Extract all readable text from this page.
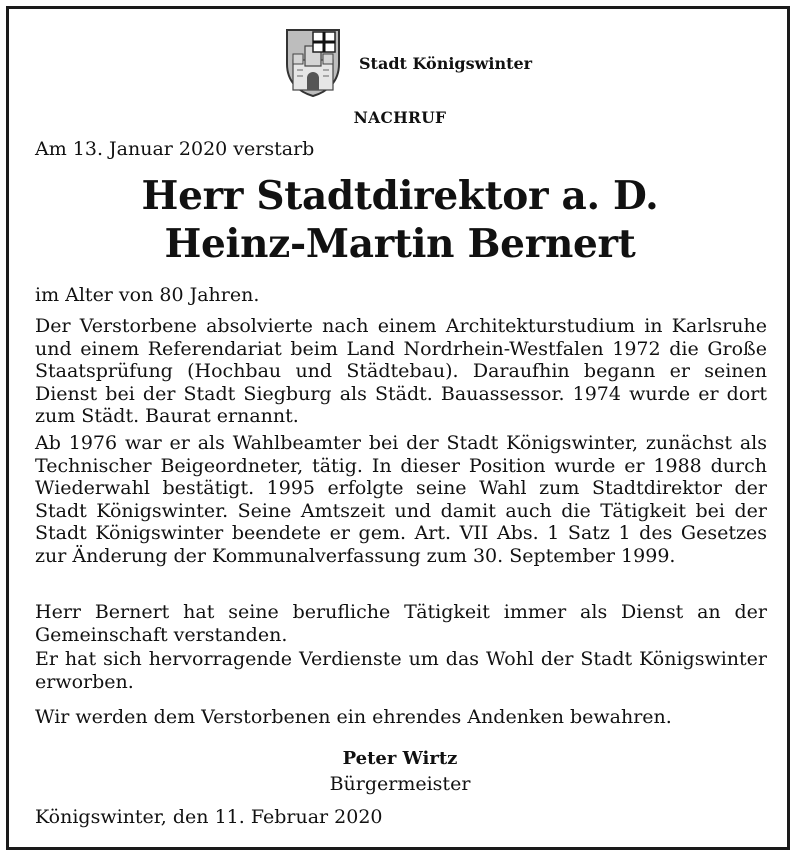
Stadt Königswinter
NACHRUF
Am 13. Januar 2020 verstarb
Herr Stadtdirektor a. D.
Heinz-Martin Bernert
im Alter von 80 Jahren.
Der Verstorbene absolvierte nach einem Architekturstudium in Karlsruhe und einem Referendariat beim Land Nordrhein-Westfalen 1972 die Große Staatsprüfung (Hochbau und Städtebau). Daraufhin begann er seinen Dienst bei der Stadt Siegburg als Städt. Bauassessor. 1974 wurde er dort zum Städt. Baurat ernannt.
Ab 1976 war er als Wahlbeamter bei der Stadt Königswinter, zunächst als Technischer Beigeordneter, tätig. In dieser Position wurde er 1988 durch Wiederwahl bestätigt. 1995 erfolgte seine Wahl zum Stadtdirektor der Stadt Königswinter. Seine Amtszeit und damit auch die Tätigkeit bei der Stadt Königswinter beendete er gem. Art. VII Abs. 1 Satz 1 des Gesetzes zur Änderung der Kommunalverfassung zum 30. September 1999.
Herr Bernert hat seine berufliche Tätigkeit immer als Dienst an der Gemeinschaft verstanden.
Er hat sich hervorragende Verdienste um das Wohl der Stadt Königswinter erworben.
Wir werden dem Verstorbenen ein ehrendes Andenken bewahren.
Peter Wirtz
Bürgermeister
Königswinter, den 11. Februar 2020
